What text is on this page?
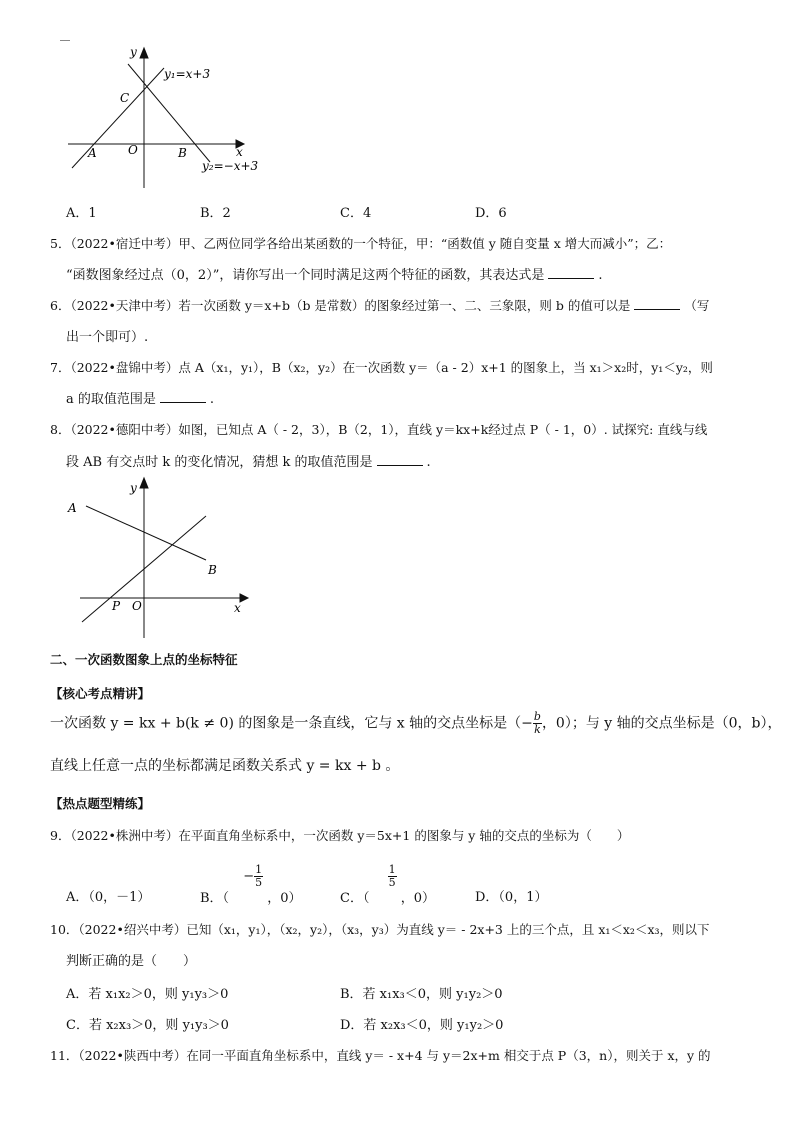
y
y₁=x+3
C
A	O	B	x
y₂=−x+3
A．1	B．2	C．4	D．6
5．（2022•宿迁中考）甲、乙两位同学各给出某函数的一个特征，甲：“函数值 y 随自变量 x 增大而减小”；乙：
“函数图象经过点（0，2）”，请你写出一个同时满足这两个特征的函数，其表达式是	.
6．（2022•天津中考）若一次函数 y＝x+b（b 是常数）的图象经过第一、二、三象限，则 b 的值可以是	（写
出一个即可）.
7．（2022•盘锦中考）点 A（x₁，y₁），B（x₂，y₂）在一次函数 y＝（a - 2）x+1 的图象上，当 x₁＞x₂时，y₁＜y₂，则
a 的取值范围是	.
8．（2022•德阳中考）如图，已知点 A（ - 2，3），B（2，1），直线 y＝kx+k经过点 P（ - 1，0）. 试探究: 直线与线
段 AB 有交点时 k 的变化情况，猜想 k 的取值范围是	.
y
A
B
P O	x
二、一次函数图象上点的坐标特征
【核心考点精讲】
一次函数 y = kx + b(k ≠ 0) 的图象是一条直线，它与 x 轴的交点坐标是（− $\frac{b}{k}$ ，0）；与 y 轴的交点坐标是（0，b），
直线上任意一点的坐标都满足函数关系式 y = kx + b 。
【热点题型精练】
9．（2022•株洲中考）在平面直角坐标系中，一次函数 y＝5x+1 的图象与 y 轴的交点的坐标为（　　）
A．（0，－1）	B．（ − $\frac{1}{5}$
，0）	C．（
$\frac{1}{5}$
，0）	D．（0，1）
10．（2022•绍兴中考）已知（x₁，y₁），（x₂，y₂），（x₃，y₃）为直线 y＝ - 2x+3 上的三个点，且 x₁＜x₂＜x₃，则以下
判断正确的是（　　）
A．若 x₁x₂＞0，则 y₁y₃＞0	B．若 x₁x₃＜0，则 y₁y₂＞0
C．若 x₂x₃＞0，则 y₁y₃＞0	D．若 x₂x₃＜0，则 y₁y₂＞0
11．（2022•陕西中考）在同一平面直角坐标系中，直线 y＝ - x+4 与 y＝2x+m 相交于点 P（3，n），则关于 x，y 的
